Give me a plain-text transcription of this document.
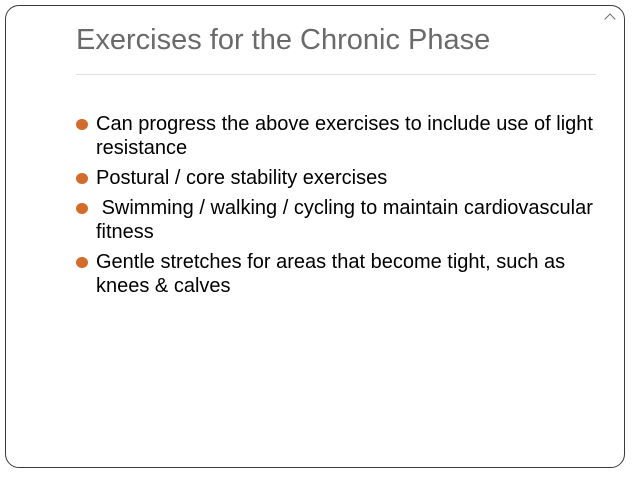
Exercises for the Chronic Phase
Can progress the above exercises to include use of light resistance
Postural / core stability exercises
Swimming / walking / cycling to maintain cardiovascular fitness
Gentle stretches for areas that become tight, such as knees & calves
